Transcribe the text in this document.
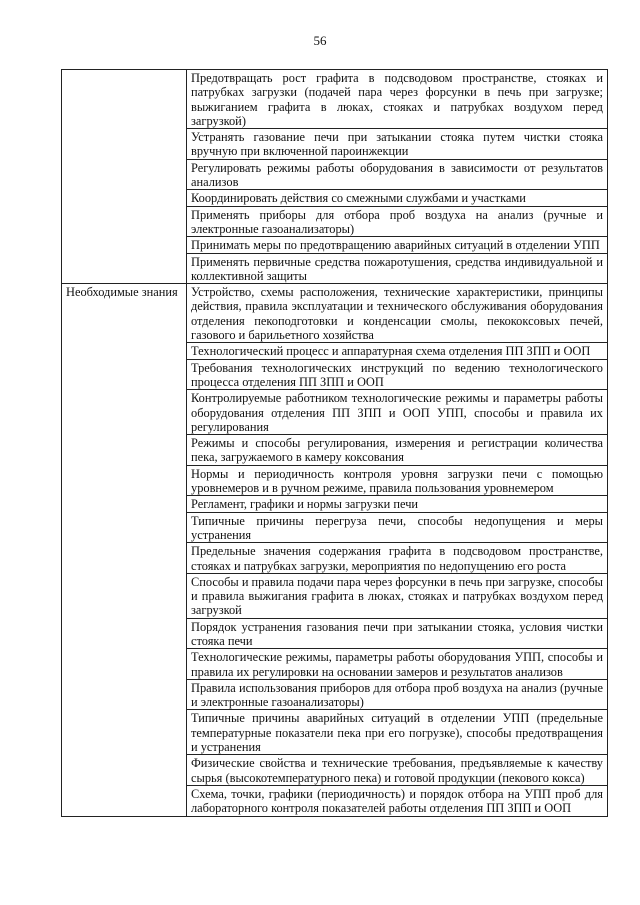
56
	Предотвращать рост графита в подсводовом пространстве, стояках и патрубках загрузки (подачей пара через форсунки в печь при загрузке; выжиганием графита в люках, стояках и патрубках воздухом перед загрузкой)
	Устранять газование печи при затыкании стояка путем чистки стояка вручную при включенной пароинжекции
	Регулировать режимы работы оборудования в зависимости от результатов анализов
	Координировать действия со смежными службами и участками
	Применять приборы для отбора проб воздуха на анализ (ручные и электронные газоанализаторы)
	Принимать меры по предотвращению аварийных ситуаций в отделении УПП
	Применять первичные средства пожаротушения, средства индивидуальной и коллективной защиты
Необходимые знания	Устройство, схемы расположения, технические характеристики, принципы действия, правила эксплуатации и технического обслуживания оборудования отделения пекоподготовки и конденсации смолы, пекококсовых печей, газового и барильетного хозяйства
	Технологический процесс и аппаратурная схема отделения ПП ЗПП и ООП
	Требования технологических инструкций по ведению технологического процесса отделения ПП ЗПП и ООП
	Контролируемые работником технологические режимы и параметры работы оборудования отделения ПП ЗПП и ООП УПП, способы и правила их регулирования
	Режимы и способы регулирования, измерения и регистрации количества пека, загружаемого в камеру коксования
	Нормы и периодичность контроля уровня загрузки печи с помощью уровнемеров и в ручном режиме, правила пользования уровнемером
	Регламент, графики и нормы загрузки печи
	Типичные причины перегруза печи, способы недопущения и меры устранения
	Предельные значения содержания графита в подсводовом пространстве, стояках и патрубках загрузки, мероприятия по недопущению его роста
	Способы и правила подачи пара через форсунки в печь при загрузке, способы и правила выжигания графита в люках, стояках и патрубках воздухом перед загрузкой
	Порядок устранения газования печи при затыкании стояка, условия чистки стояка печи
	Технологические режимы, параметры работы оборудования УПП, способы и правила их регулировки на основании замеров и результатов анализов
	Правила использования приборов для отбора проб воздуха на анализ (ручные и электронные газоанализаторы)
	Типичные причины аварийных ситуаций в отделении УПП (предельные температурные показатели пека при его погрузке), способы предотвращения и устранения
	Физические свойства и технические требования, предъявляемые к качеству сырья (высокотемпературного пека) и готовой продукции (пекового кокса)
	Схема, точки, графики (периодичность) и порядок отбора на УПП проб для лабораторного контроля показателей работы отделения ПП ЗПП и ООП
